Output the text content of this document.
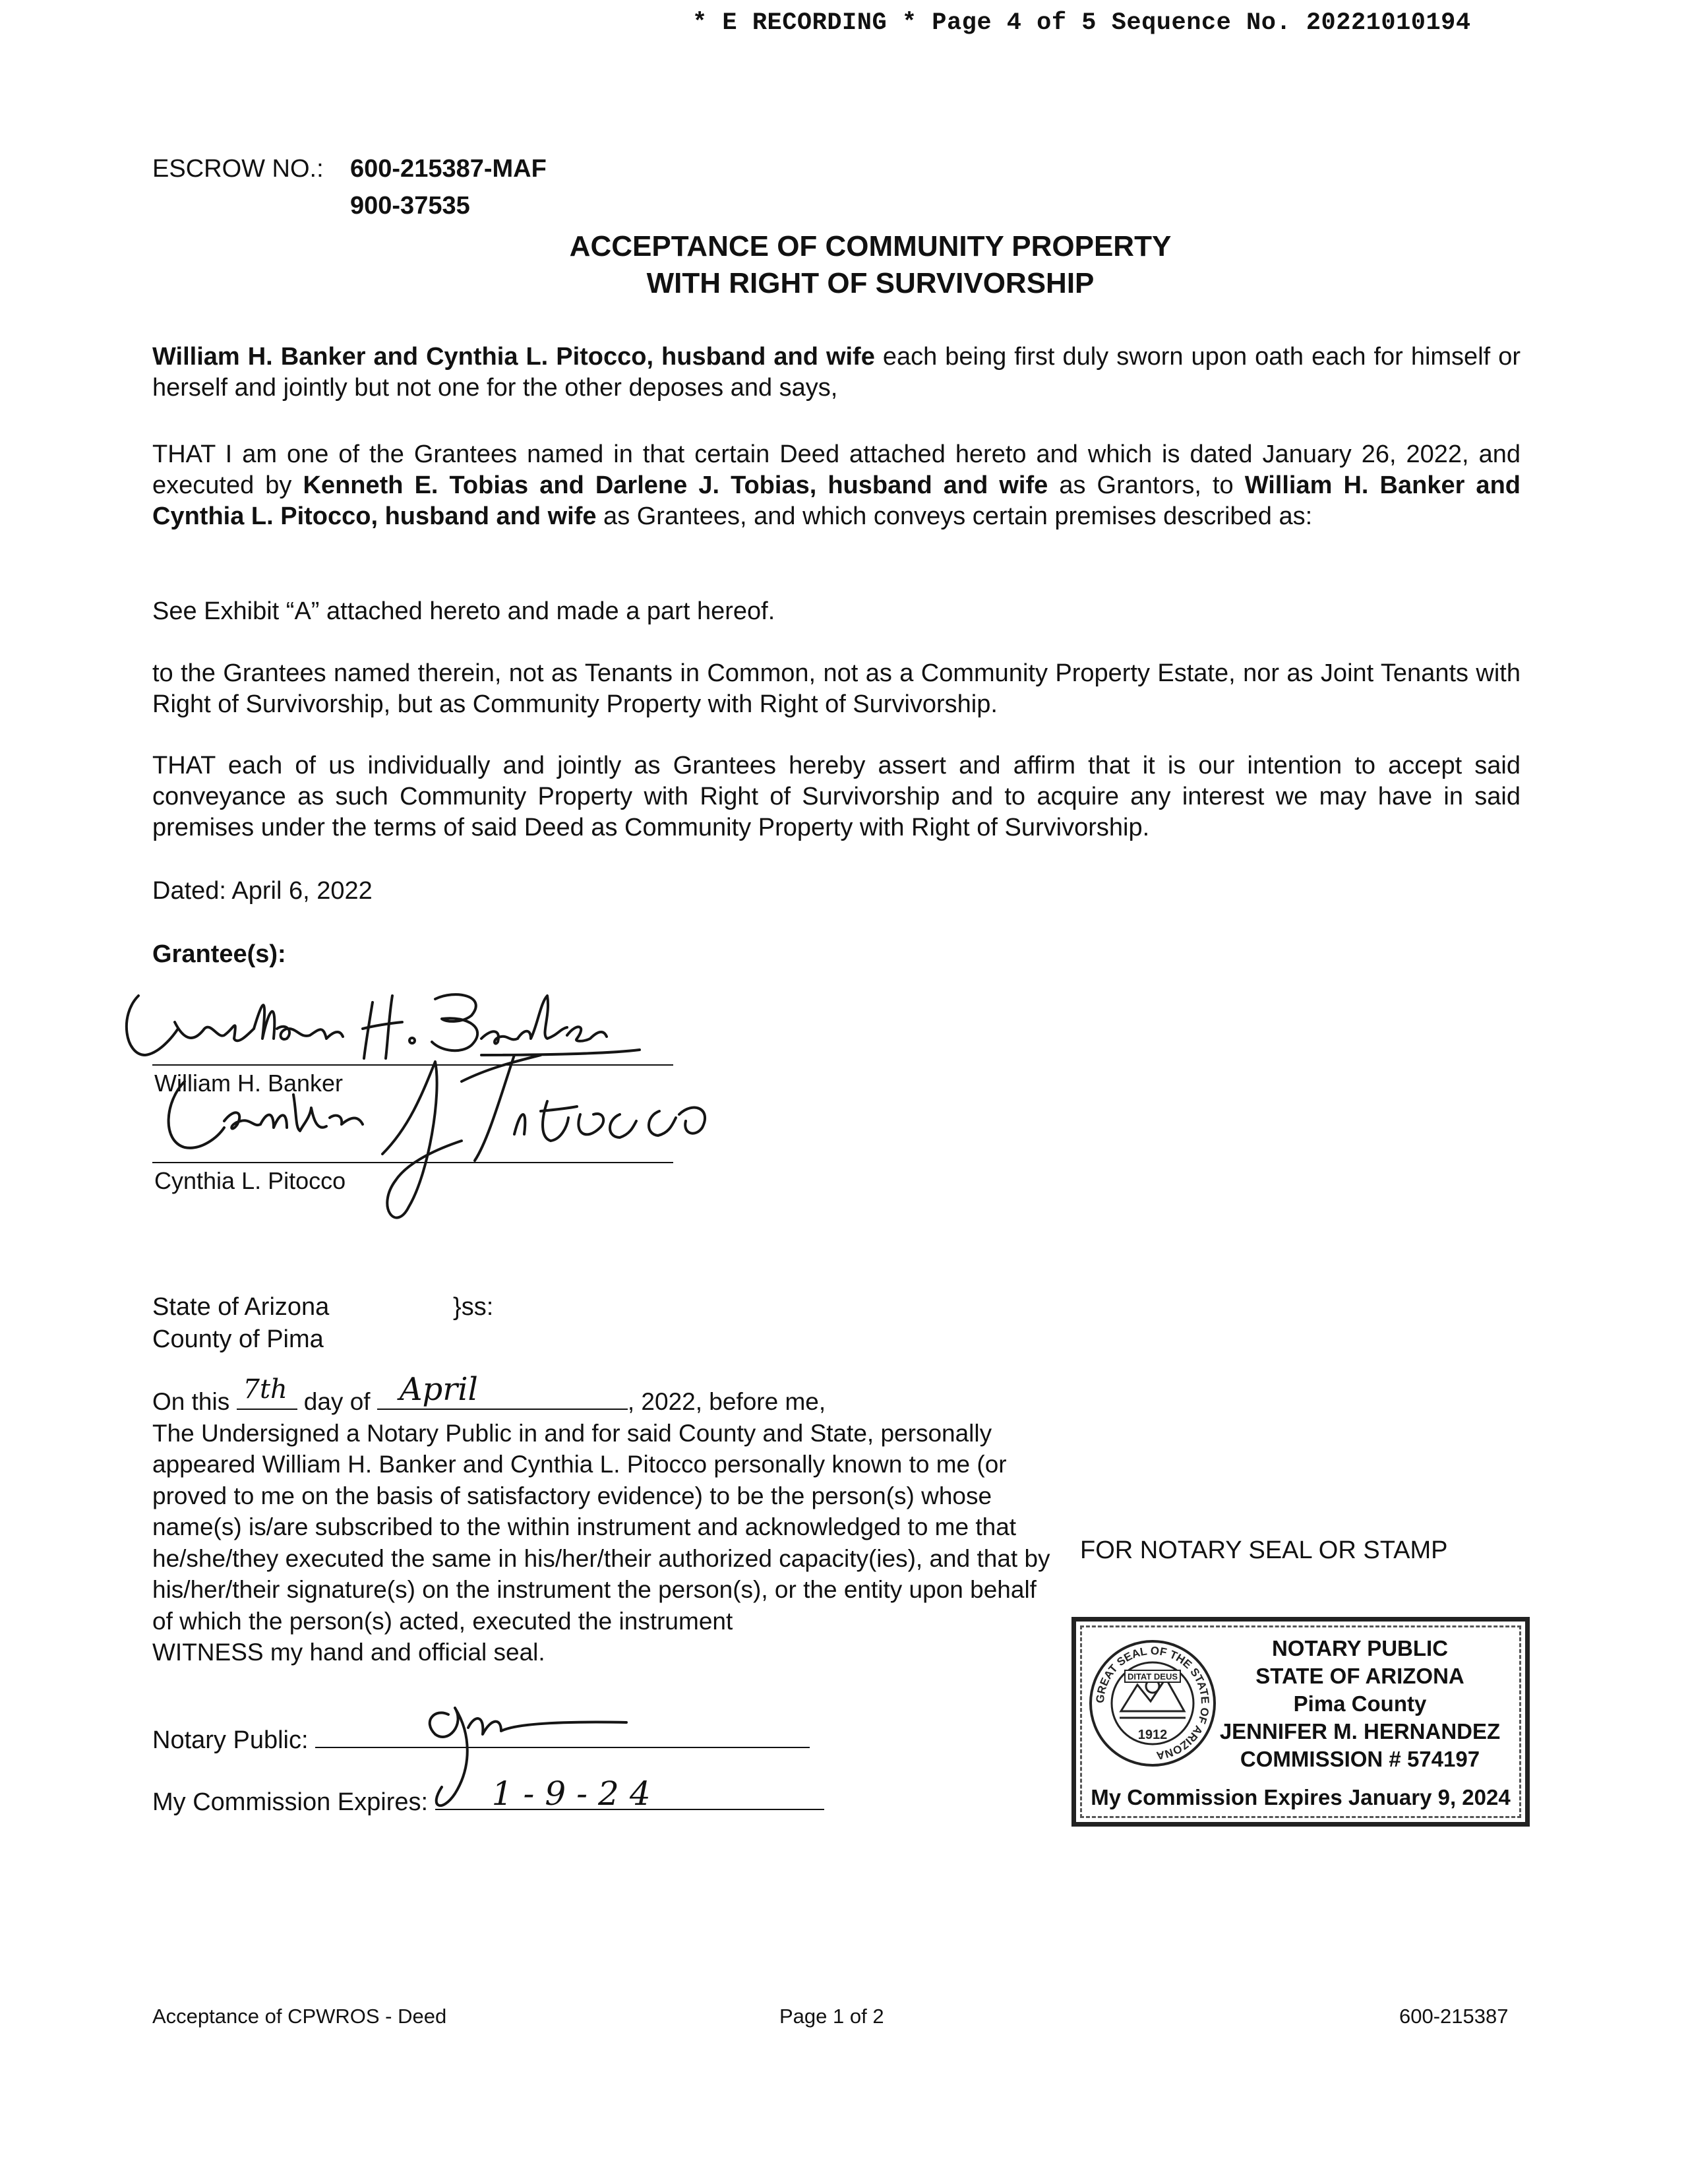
* E RECORDING * Page 4 of 5 Sequence No. 20221010194
ESCROW NO.: 600-215387-MAF
900-37535
ACCEPTANCE OF COMMUNITY PROPERTY
WITH RIGHT OF SURVIVORSHIP
William H. Banker and Cynthia L. Pitocco, husband and wife each being first duly sworn upon oath each for himself or herself and jointly but not one for the other deposes and says,
THAT I am one of the Grantees named in that certain Deed attached hereto and which is dated January 26, 2022, and executed by Kenneth E. Tobias and Darlene J. Tobias, husband and wife as Grantors, to William H. Banker and Cynthia L. Pitocco, husband and wife as Grantees, and which conveys certain premises described as:
See Exhibit “A” attached hereto and made a part hereof.
to the Grantees named therein, not as Tenants in Common, not as a Community Property Estate, nor as Joint Tenants with Right of Survivorship, but as Community Property with Right of Survivorship.
THAT each of us individually and jointly as Grantees hereby assert and affirm that it is our intention to accept said conveyance as such Community Property with Right of Survivorship and to acquire any interest we may have in said premises under the terms of said Deed as Community Property with Right of Survivorship.
Dated: April 6, 2022
Grantee(s):
William H. Banker
Cynthia L. Pitocco
State of Arizona
County of Pima
}ss:
On this 7th day of April	, 2022, before me,
The Undersigned a Notary Public in and for said County and State, personally appeared William H. Banker and Cynthia L. Pitocco personally known to me (or proved to me on the basis of satisfactory evidence) to be the person(s) whose name(s) is/are subscribed to the within instrument and acknowledged to me that he/she/they executed the same in his/her/their authorized capacity(ies), and that by his/her/their signature(s) on the instrument the person(s), or the entity upon behalf of which the person(s) acted, executed the instrument
WITNESS my hand and official seal.
Notary Public:
My Commission Expires: 1-9-24
FOR NOTARY SEAL OR STAMP
GREAT SEAL OF THE STATE OF ARIZONA
DITAT DEUS
1912
NOTARY PUBLIC
STATE OF ARIZONA
Pima County
JENNIFER M. HERNANDEZ
COMMISSION # 574197
My Commission Expires January 9, 2024
Acceptance of CPWROS - Deed	Page 1 of 2	600-215387
